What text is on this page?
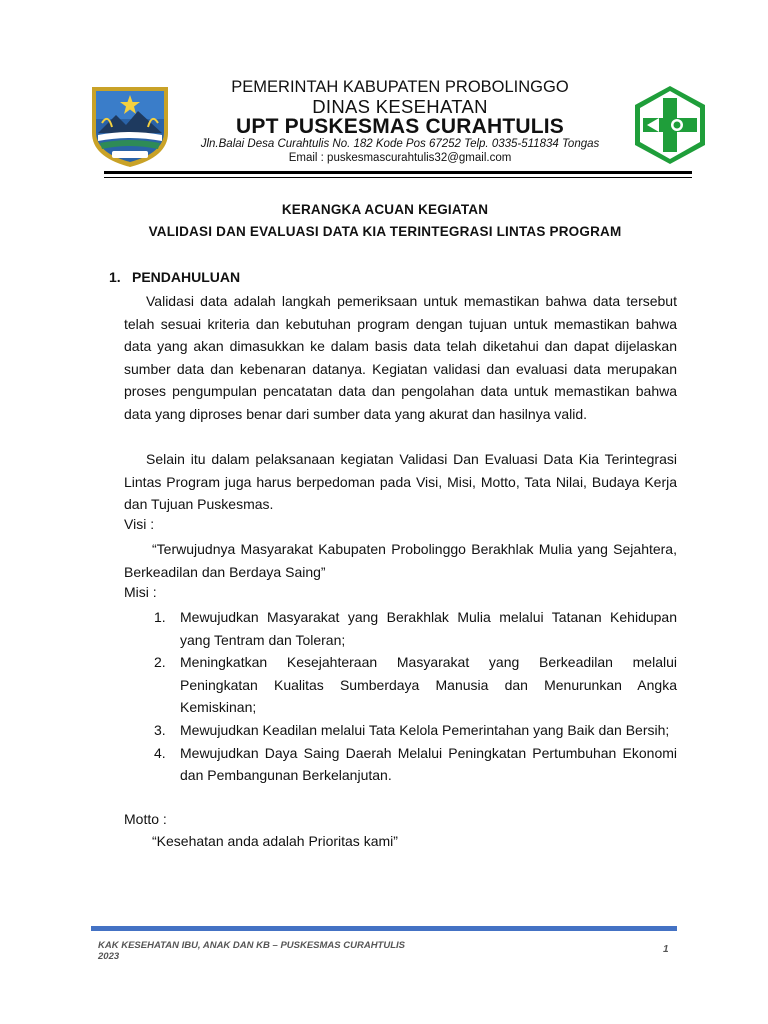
PEMERINTAH KABUPATEN PROBOLINGGO
DINAS KESEHATAN
UPT PUSKESMAS CURAHTULIS
Jln.Balai Desa Curahtulis No. 182 Kode Pos 67252 Telp. 0335-511834 Tongas
Email : puskesmascurahtulis32@gmail.com
KERANGKA ACUAN KEGIATAN
VALIDASI DAN EVALUASI DATA KIA TERINTEGRASI LINTAS PROGRAM
1. PENDAHULUAN
Validasi data adalah langkah pemeriksaan untuk memastikan bahwa data tersebut telah sesuai kriteria dan kebutuhan program dengan tujuan untuk memastikan bahwa data yang akan dimasukkan ke dalam basis data telah diketahui dan dapat dijelaskan sumber data dan kebenaran datanya. Kegiatan validasi dan evaluasi data merupakan proses pengumpulan pencatatan data dan pengolahan data untuk memastikan bahwa data yang diproses benar dari sumber data yang akurat dan hasilnya valid.
Selain itu dalam pelaksanaan kegiatan Validasi Dan Evaluasi Data Kia Terintegrasi Lintas Program juga harus berpedoman pada Visi, Misi, Motto, Tata Nilai, Budaya Kerja dan Tujuan Puskesmas.
Visi :
“Terwujudnya Masyarakat Kabupaten Probolinggo Berakhlak Mulia yang Sejahtera, Berkeadilan dan Berdaya Saing”
Misi :
1. Mewujudkan Masyarakat yang Berakhlak Mulia melalui Tatanan Kehidupan yang Tentram dan Toleran;
2. Meningkatkan Kesejahteraan Masyarakat yang Berkeadilan melalui Peningkatan Kualitas Sumberdaya Manusia dan Menurunkan Angka Kemiskinan;
3. Mewujudkan Keadilan melalui Tata Kelola Pemerintahan yang Baik dan Bersih;
4. Mewujudkan Daya Saing Daerah Melalui Peningkatan Pertumbuhan Ekonomi dan Pembangunan Berkelanjutan.
Motto :
“Kesehatan anda adalah Prioritas kami”
KAK KESEHATAN IBU, ANAK DAN KB – PUSKESMAS CURAHTULIS
2023
1
